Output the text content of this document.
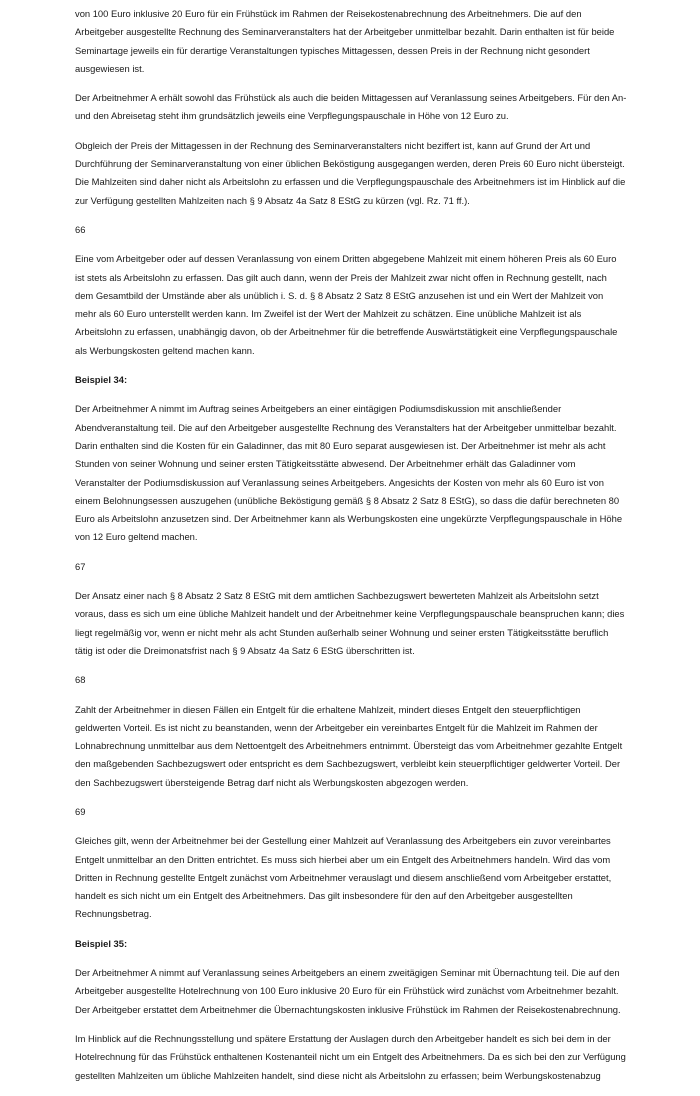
von 100 Euro inklusive 20 Euro für ein Frühstück im Rahmen der Reisekostenabrechnung des Arbeitnehmers. Die auf den Arbeitgeber ausgestellte Rechnung des Seminarveranstalters hat der Arbeitgeber unmittelbar bezahlt. Darin enthalten ist für beide Seminartage jeweils ein für derartige Veranstaltungen typisches Mittagessen, dessen Preis in der Rechnung nicht gesondert ausgewiesen ist.
Der Arbeitnehmer A erhält sowohl das Frühstück als auch die beiden Mittagessen auf Veranlassung seines Arbeitgebers. Für den An- und den Abreisetag steht ihm grundsätzlich jeweils eine Verpflegungspauschale in Höhe von 12 Euro zu.
Obgleich der Preis der Mittagessen in der Rechnung des Seminarveranstalters nicht beziffert ist, kann auf Grund der Art und Durchführung der Seminarveranstaltung von einer üblichen Beköstigung ausgegangen werden, deren Preis 60 Euro nicht übersteigt. Die Mahlzeiten sind daher nicht als Arbeitslohn zu erfassen und die Verpflegungspauschale des Arbeitnehmers ist im Hinblick auf die zur Verfügung gestellten Mahlzeiten nach § 9 Absatz 4a Satz 8 EStG zu kürzen (vgl. Rz. 71 ff.).
66
Eine vom Arbeitgeber oder auf dessen Veranlassung von einem Dritten abgegebene Mahlzeit mit einem höheren Preis als 60 Euro ist stets als Arbeitslohn zu erfassen. Das gilt auch dann, wenn der Preis der Mahlzeit zwar nicht offen in Rechnung gestellt, nach dem Gesamtbild der Umstände aber als unüblich i. S. d. § 8 Absatz 2 Satz 8 EStG anzusehen ist und ein Wert der Mahlzeit von mehr als 60 Euro unterstellt werden kann. Im Zweifel ist der Wert der Mahlzeit zu schätzen. Eine unübliche Mahlzeit ist als Arbeitslohn zu erfassen, unabhängig davon, ob der Arbeitnehmer für die betreffende Auswärtstätigkeit eine Verpflegungspauschale als Werbungskosten geltend machen kann.
Beispiel 34:
Der Arbeitnehmer A nimmt im Auftrag seines Arbeitgebers an einer eintägigen Podiumsdiskussion mit anschließender Abendveranstaltung teil. Die auf den Arbeitgeber ausgestellte Rechnung des Veranstalters hat der Arbeitgeber unmittelbar bezahlt. Darin enthalten sind die Kosten für ein Galadinner, das mit 80 Euro separat ausgewiesen ist. Der Arbeitnehmer ist mehr als acht Stunden von seiner Wohnung und seiner ersten Tätigkeitsstätte abwesend. Der Arbeitnehmer erhält das Galadinner vom Veranstalter der Podiumsdiskussion auf Veranlassung seines Arbeitgebers. Angesichts der Kosten von mehr als 60 Euro ist von einem Belohnungsessen auszugehen (unübliche Beköstigung gemäß § 8 Absatz 2 Satz 8 EStG), so dass die dafür berechneten 80 Euro als Arbeitslohn anzusetzen sind. Der Arbeitnehmer kann als Werbungskosten eine ungekürzte Verpflegungspauschale in Höhe von 12 Euro geltend machen.
67
Der Ansatz einer nach § 8 Absatz 2 Satz 8 EStG mit dem amtlichen Sachbezugswert bewerteten Mahlzeit als Arbeitslohn setzt voraus, dass es sich um eine übliche Mahlzeit handelt und der Arbeitnehmer keine Verpflegungspauschale beanspruchen kann; dies liegt regelmäßig vor, wenn er nicht mehr als acht Stunden außerhalb seiner Wohnung und seiner ersten Tätigkeitsstätte beruflich tätig ist oder die Dreimonatsfrist nach § 9 Absatz 4a Satz 6 EStG überschritten ist.
68
Zahlt der Arbeitnehmer in diesen Fällen ein Entgelt für die erhaltene Mahlzeit, mindert dieses Entgelt den steuerpflichtigen geldwerten Vorteil. Es ist nicht zu beanstanden, wenn der Arbeitgeber ein vereinbartes Entgelt für die Mahlzeit im Rahmen der Lohnabrechnung unmittelbar aus dem Nettoentgelt des Arbeitnehmers entnimmt. Übersteigt das vom Arbeitnehmer gezahlte Entgelt den maßgebenden Sachbezugswert oder entspricht es dem Sachbezugswert, verbleibt kein steuerpflichtiger geldwerter Vorteil. Der den Sachbezugswert übersteigende Betrag darf nicht als Werbungskosten abgezogen werden.
69
Gleiches gilt, wenn der Arbeitnehmer bei der Gestellung einer Mahlzeit auf Veranlassung des Arbeitgebers ein zuvor vereinbartes Entgelt unmittelbar an den Dritten entrichtet. Es muss sich hierbei aber um ein Entgelt des Arbeitnehmers handeln. Wird das vom Dritten in Rechnung gestellte Entgelt zunächst vom Arbeitnehmer verauslagt und diesem anschließend vom Arbeitgeber erstattet, handelt es sich nicht um ein Entgelt des Arbeitnehmers. Das gilt insbesondere für den auf den Arbeitgeber ausgestellten Rechnungsbetrag.
Beispiel 35:
Der Arbeitnehmer A nimmt auf Veranlassung seines Arbeitgebers an einem zweitägigen Seminar mit Übernachtung teil. Die auf den Arbeitgeber ausgestellte Hotelrechnung von 100 Euro inklusive 20 Euro für ein Frühstück wird zunächst vom Arbeitnehmer bezahlt. Der Arbeitgeber erstattet dem Arbeitnehmer die Übernachtungskosten inklusive Frühstück im Rahmen der Reisekostenabrechnung.
Im Hinblick auf die Rechnungsstellung und spätere Erstattung der Auslagen durch den Arbeitgeber handelt es sich bei dem in der Hotelrechnung für das Frühstück enthaltenen Kostenanteil nicht um ein Entgelt des Arbeitnehmers. Da es sich bei den zur Verfügung gestellten Mahlzeiten um übliche Mahlzeiten handelt, sind diese nicht als Arbeitslohn zu erfassen; beim Werbungskostenabzug
